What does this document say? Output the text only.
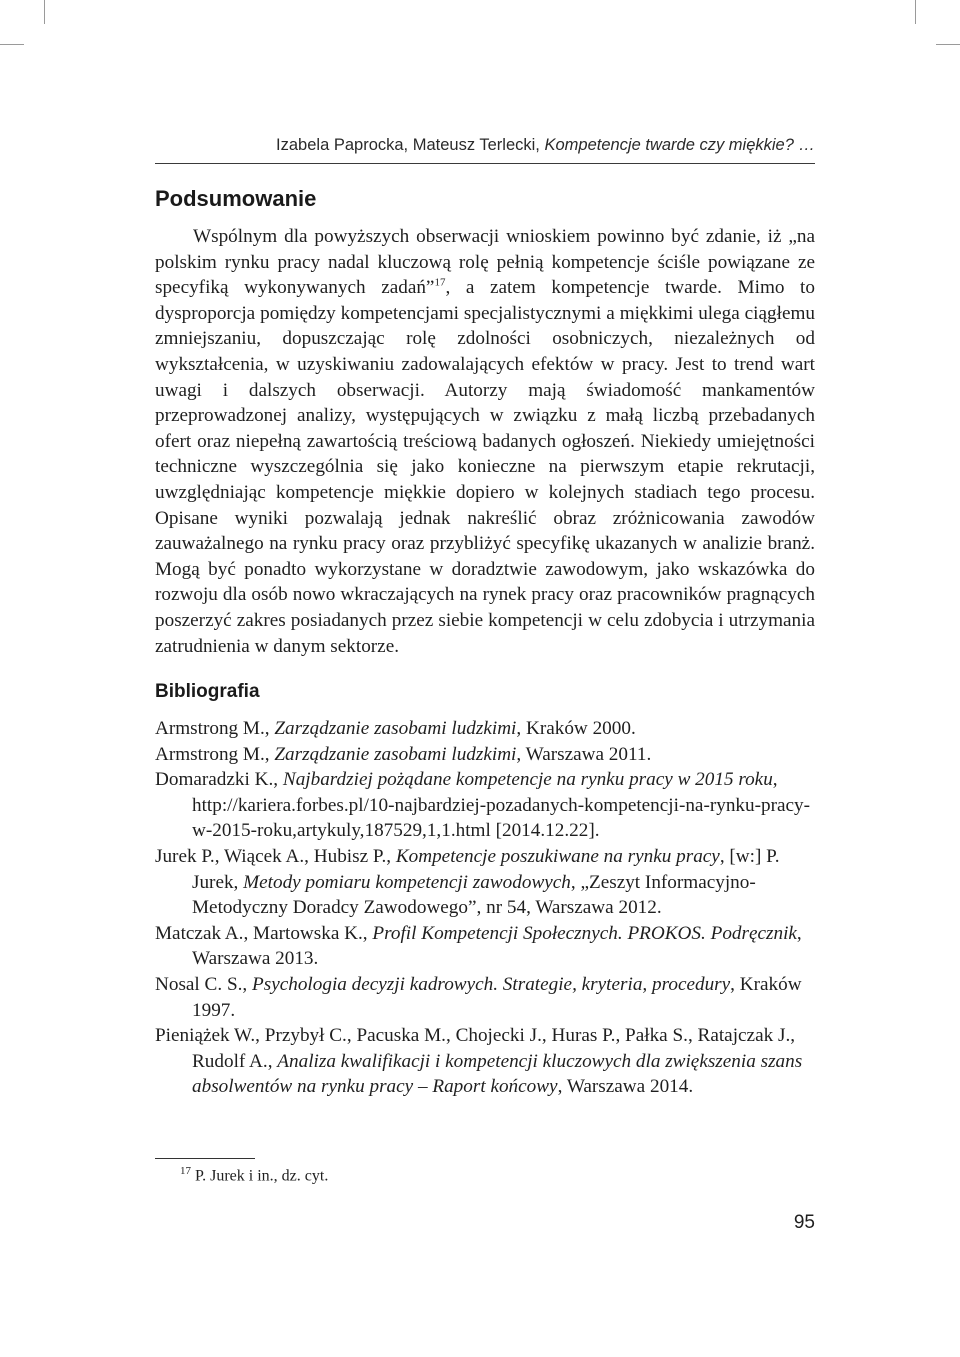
Izabela Paprocka, Mateusz Terlecki, Kompetencje twarde czy miękkie? …
Podsumowanie

Wspólnym dla powyższych obserwacji wnioskiem powinno być zdanie, iż „na polskim rynku pracy nadal kluczową rolę pełnią kompetencje ściśle powiązane ze specyfiką wykonywanych zadań”$^{17}$, a zatem kompetencje twarde. Mimo to dysproporcja pomiędzy kompetencjami specjalistycznymi a miękkimi ulega ciągłemu zmniejszaniu, dopuszczając rolę zdolności osobniczych, niezależnych od wykształcenia, w uzyskiwaniu zadowalających efektów w pracy. Jest to trend wart uwagi i dalszych obserwacji. Autorzy mają świadomość mankamentów przeprowadzonej analizy, występujących w związku z małą liczbą przebadanych ofert oraz niepełną zawartością treściową badanych ogłoszeń. Niekiedy umiejętności techniczne wyszczególnia się jako konieczne na pierwszym etapie rekrutacji, uwzględniając kompetencje miękkie dopiero w kolejnych stadiach tego procesu. Opisane wyniki pozwalają jednak nakreślić obraz zróżnicowania zawodów zauważalnego na rynku pracy oraz przybliżyć specyfikę ukazanych w analizie branż. Mogą być ponadto wykorzystane w doradztwie zawodowym, jako wskazówka do rozwoju dla osób nowo wkraczających na rynek pracy oraz pracowników pragnących poszerzyć zakres posiadanych przez siebie kompetencji w celu zdobycia i utrzymania zatrudnienia w danym sektorze.

Bibliografia
Armstrong M., Zarządzanie zasobami ludzkimi, Kraków 2000.
Armstrong M., Zarządzanie zasobami ludzkimi, Warszawa 2011.
Domaradzki K., Najbardziej pożądane kompetencje na rynku pracy w 2015 roku, http://kariera.forbes.pl/10-najbardziej-pozadanych-kompetencji-na-rynku-pracy-w-2015-roku,artykuly,187529,1,1.html [2014.12.22].
Jurek P., Wiącek A., Hubisz P., Kompetencje poszukiwane na rynku pracy, [w:] P. Jurek, Metody pomiaru kompetencji zawodowych, „Zeszyt Informacyjno-Metodyczny Doradcy Zawodowego”, nr 54, Warszawa 2012.
Matczak A., Martowska K., Profil Kompetencji Społecznych. PROKOS. Podręcznik, Warszawa 2013.
Nosal C. S., Psychologia decyzji kadrowych. Strategie, kryteria, procedury, Kraków 1997.
Pieniążek W., Przybył C., Pacuska M., Chojecki J., Huras P., Pałka S., Ratajczak J., Rudolf A., Analiza kwalifikacji i kompetencji kluczowych dla zwiększenia szans absolwentów na rynku pracy – Raport końcowy, Warszawa 2014.
$^{17}$ P. Jurek i in., dz. cyt.
95
